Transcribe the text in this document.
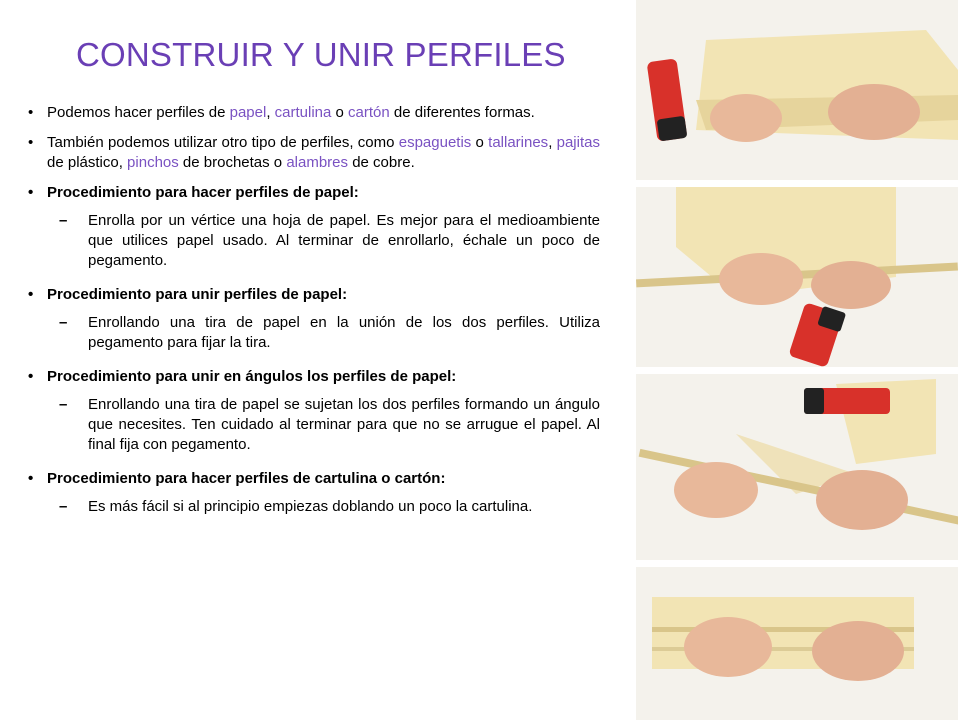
CONSTRUIR Y UNIR PERFILES
• Podemos hacer perfiles de papel, cartulina o cartón de diferentes formas.
• También podemos utilizar otro tipo de perfiles, como espaguetis o tallarines, pajitas de plástico, pinchos de brochetas o alambres de cobre.
• Procedimiento para hacer perfiles de papel:
– Enrolla por un vértice una hoja de papel. Es mejor para el medioambiente que utilices papel usado. Al terminar de enrollarlo, échale un poco de pegamento.
• Procedimiento para unir perfiles de papel:
– Enrollando una tira de papel en la unión de los dos perfiles. Utiliza pegamento para fijar la tira.
• Procedimiento para unir en ángulos los perfiles de papel:
– Enrollando una tira de papel se sujetan los dos perfiles formando un ángulo que necesites. Ten cuidado al terminar para que no se arrugue el papel. Al final fija con pegamento.
• Procedimiento para hacer perfiles de cartulina o cartón:
– Es más fácil si al principio empiezas doblando un poco la cartulina.
